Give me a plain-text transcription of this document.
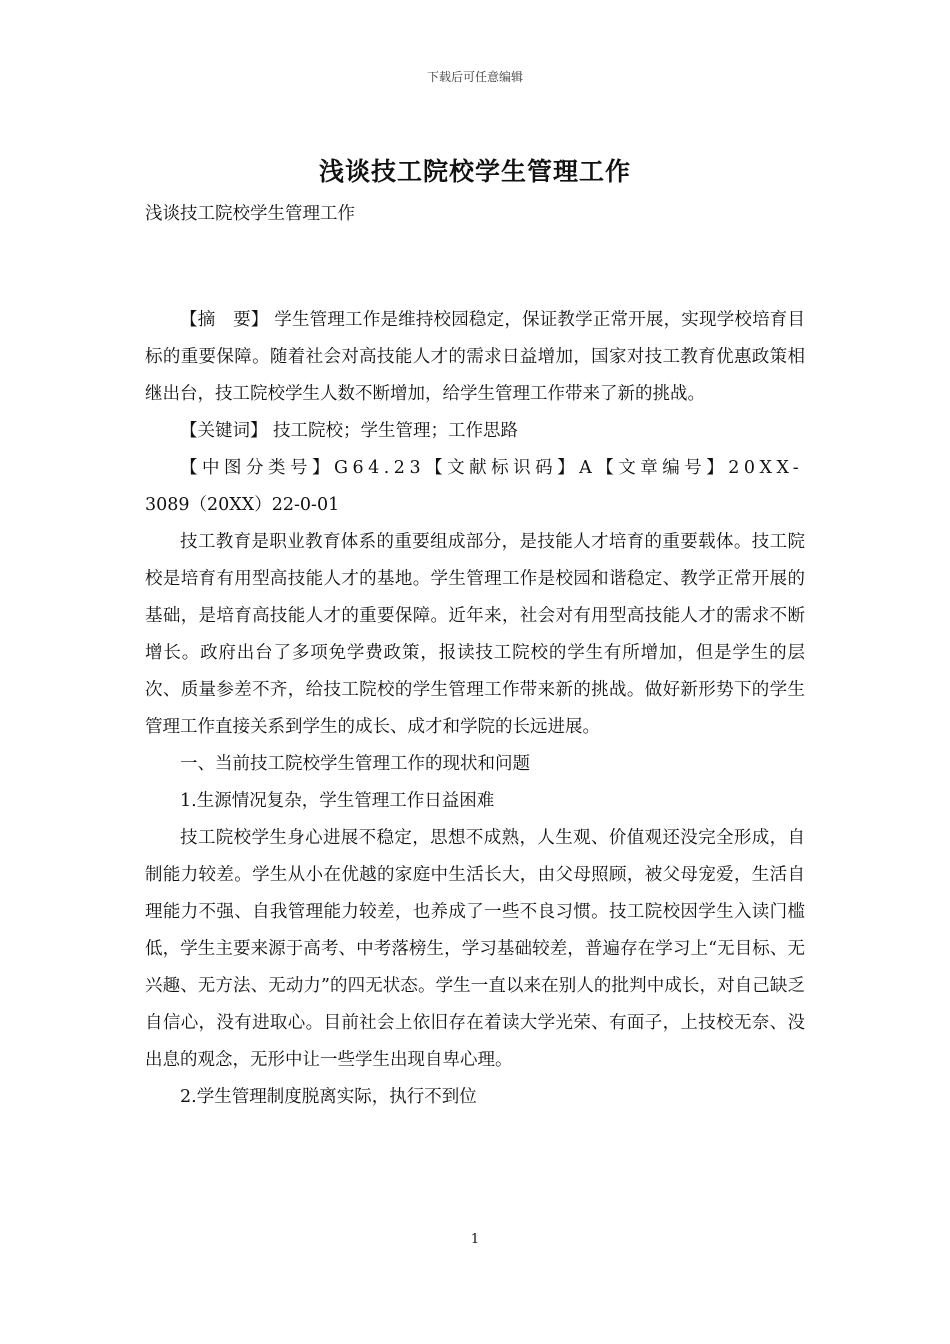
下载后可任意编辑
浅谈技工院校学生管理工作

浅谈技工院校学生管理工作

【摘　要】 学生管理工作是维持校园稳定，保证教学正常开展，实现学校培育目标的重要保障。随着社会对高技能人才的需求日益增加，国家对技工教育优惠政策相继出台，技工院校学生人数不断增加，给学生管理工作带来了新的挑战。

【关键词】 技工院校；学生管理；工作思路

【中图分类号】G64.23【文献标识码】A【文章编号】20XX-

3089（20XX）22-0-01

技工教育是职业教育体系的重要组成部分，是技能人才培育的重要载体。技工院校是培育有用型高技能人才的基地。学生管理工作是校园和谐稳定、教学正常开展的基础，是培育高技能人才的重要保障。近年来，社会对有用型高技能人才的需求不断增长。政府出台了多项免学费政策，报读技工院校的学生有所增加，但是学生的层次、质量参差不齐，给技工院校的学生管理工作带来新的挑战。做好新形势下的学生管理工作直接关系到学生的成长、成才和学院的长远进展。

一、当前技工院校学生管理工作的现状和问题

1.生源情况复杂，学生管理工作日益困难

技工院校学生身心进展不稳定，思想不成熟，人生观、价值观还没完全形成，自制能力较差。学生从小在优越的家庭中生活长大，由父母照顾，被父母宠爱，生活自理能力不强、自我管理能力较差，也养成了一些不良习惯。技工院校因学生入读门槛低，学生主要来源于高考、中考落榜生，学习基础较差，普遍存在学习上“无目标、无兴趣、无方法、无动力”的四无状态。学生一直以来在别人的批判中成长，对自己缺乏自信心，没有进取心。目前社会上依旧存在着读大学光荣、有面子，上技校无奈、没出息的观念，无形中让一些学生出现自卑心理。

2.学生管理制度脱离实际，执行不到位

1
